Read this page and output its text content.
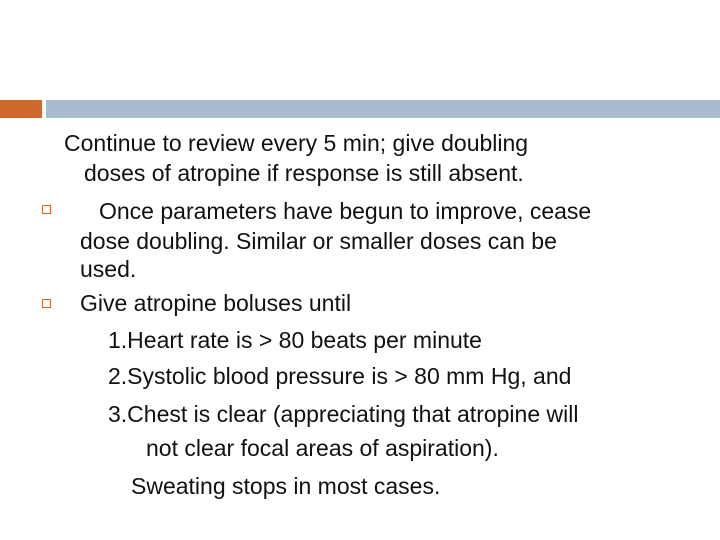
Continue to review every 5 min; give doubling
doses of atropine if response is still absent.
Once parameters have begun to improve, cease
dose doubling. Similar or smaller doses can be
used.
Give atropine boluses until
1.Heart rate is > 80 beats per minute
2.Systolic blood pressure is > 80 mm Hg, and
3.Chest is clear (appreciating that atropine will
not clear focal areas of aspiration).
Sweating stops in most cases.
